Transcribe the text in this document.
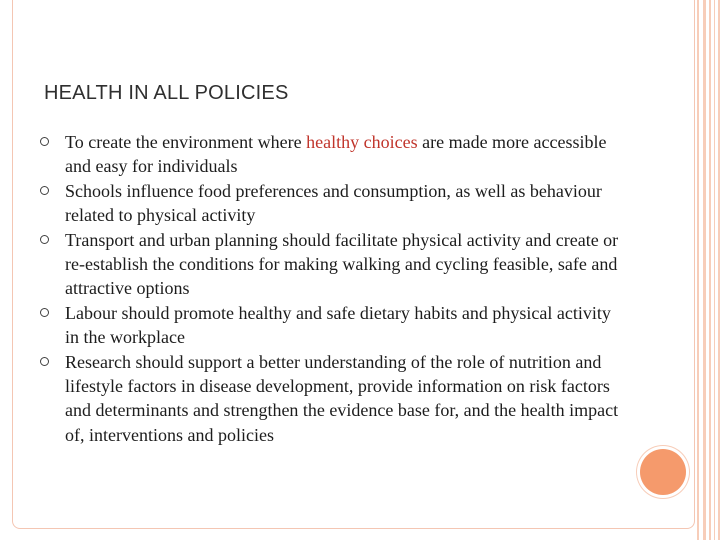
HEALTH IN ALL POLICIES
To create the environment where healthy choices are made more accessible and easy for individuals
Schools influence food preferences and consumption, as well as behaviour related to physical activity
Transport and urban planning should facilitate physical activity and create or re-establish the conditions for making walking and cycling feasible, safe and attractive options
Labour should promote healthy and safe dietary habits and physical activity in the workplace
Research should support a better understanding of the role of nutrition and lifestyle factors in disease development, provide information on risk factors and determinants and strengthen the evidence base for, and the health impact of, interventions and policies
